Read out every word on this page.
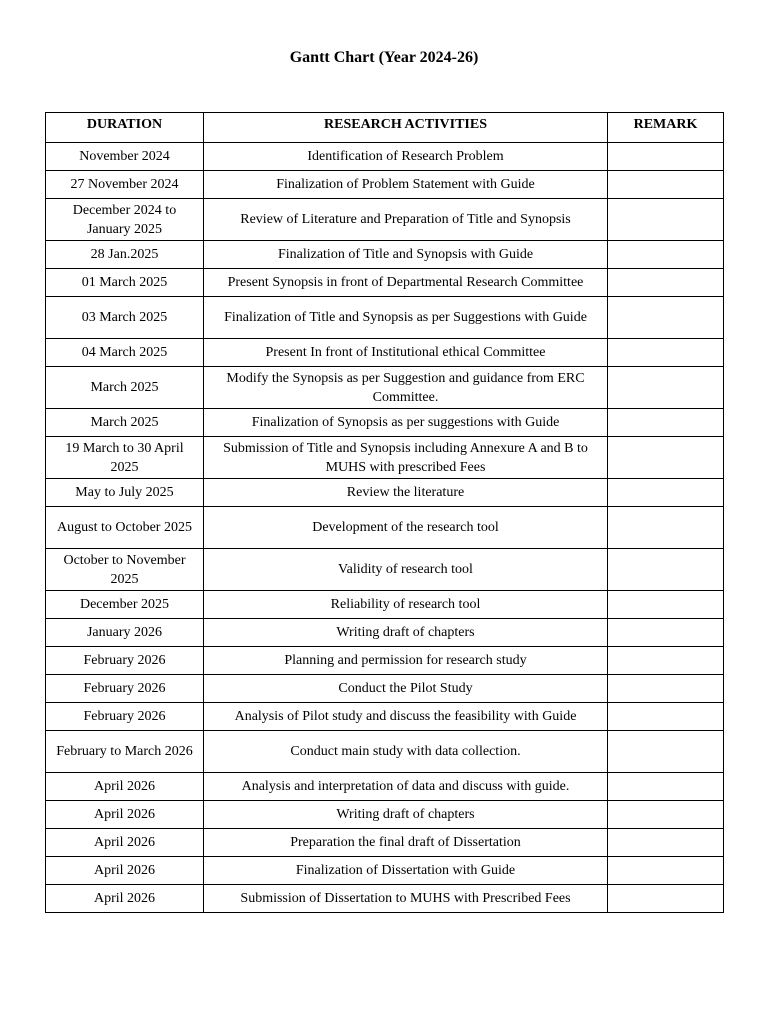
Gantt Chart (Year 2024-26)
DURATION	RESEARCH ACTIVITIES	REMARK
November 2024	Identification of Research Problem	
27 November 2024	Finalization of Problem Statement with Guide	
December 2024 to January 2025	Review of Literature and Preparation of Title and Synopsis	
28 Jan.2025	Finalization of Title and Synopsis with Guide	
01 March 2025	Present Synopsis in front of Departmental Research Committee	
03 March 2025	Finalization of Title and Synopsis as per Suggestions with Guide	
04 March 2025	Present In front of Institutional ethical Committee	
March 2025	Modify the Synopsis as per Suggestion and guidance from ERC Committee.	
March 2025	Finalization of Synopsis as per suggestions with Guide	
19 March to 30 April 2025	Submission of Title and Synopsis including Annexure A and B to MUHS with prescribed Fees	
May to July 2025	Review the literature	
August to October 2025	Development of the research tool	
October to November 2025	Validity of research tool	
December 2025	Reliability of research tool	
January 2026	Writing draft of chapters	
February 2026	Planning and permission for research study	
February 2026	Conduct the Pilot Study	
February 2026	Analysis of Pilot study and discuss the feasibility with Guide	
February to March 2026	Conduct main study with data collection.	
April 2026	Analysis and interpretation of data and discuss with guide.	
April 2026	Writing draft of chapters	
April 2026	Preparation the final draft of Dissertation	
April 2026	Finalization of Dissertation with Guide	
April 2026	Submission of Dissertation to MUHS with Prescribed Fees	
